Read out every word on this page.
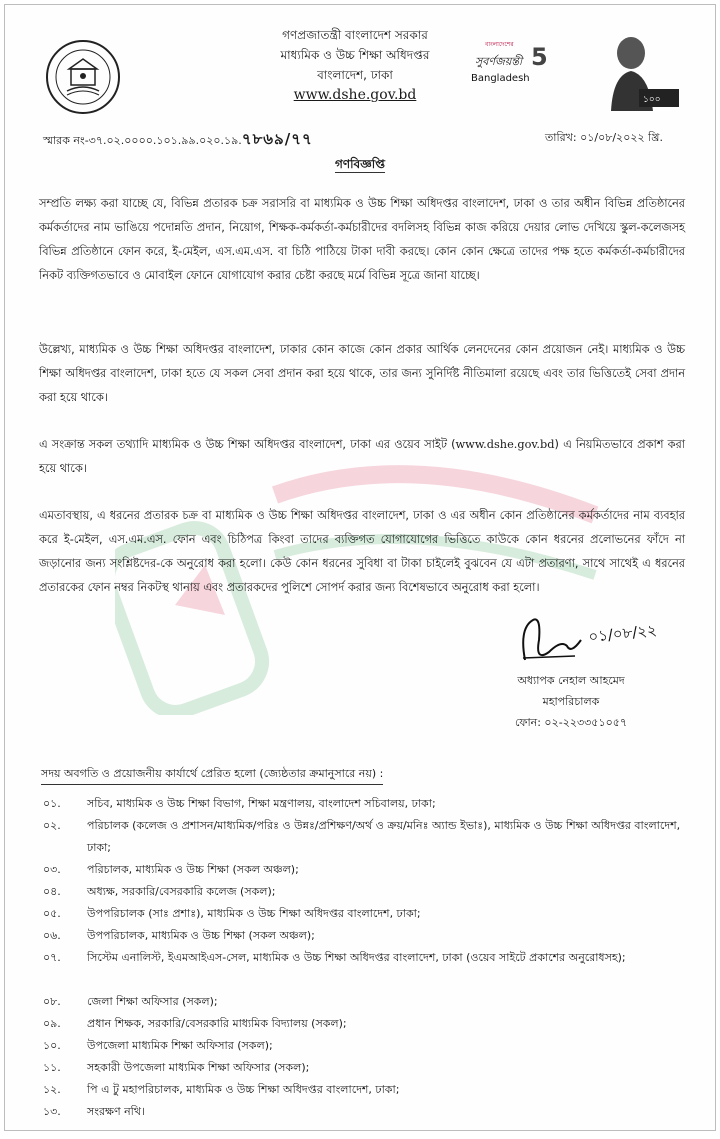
গণপ্রজাতন্ত্রী বাংলাদেশ সরকার
মাধ্যমিক ও উচ্চ শিক্ষা অধিদপ্তর
বাংলাদেশ, ঢাকা
www.dshe.gov.bd
বাংলাদেশের
সুবর্ণজয়ন্তী
Bangladesh
5
১০০
স্মারক নং-৩৭.০২.০০০০.১০১.৯৯.০২০.১৯.৭৮৬৯/৭৭	তারিখ: ০১/০৮/২০২২ খ্রি.
গণবিজ্ঞপ্তি
সম্প্রতি লক্ষ্য করা যাচ্ছে যে, বিভিন্ন প্রতারক চক্র সরাসরি বা মাধ্যমিক ও উচ্চ শিক্ষা অধিদপ্তর বাংলাদেশ, ঢাকা ও তার অধীন বিভিন্ন প্রতিষ্ঠানের কর্মকর্তাদের নাম ভাঙিয়ে পদোন্নতি প্রদান, নিয়োগ, শিক্ষক-কর্মকর্তা-কর্মচারীদের বদলিসহ বিভিন্ন কাজ করিয়ে দেয়ার লোভ দেখিয়ে স্কুল-কলেজসহ বিভিন্ন প্রতিষ্ঠানে ফোন করে, ই-মেইল, এস.এম.এস. বা চিঠি পাঠিয়ে টাকা দাবী করছে। কোন কোন ক্ষেত্রে তাদের পক্ষ হতে কর্মকর্তা-কর্মচারীদের নিকট ব্যক্তিগতভাবে ও মোবাইল ফোনে যোগাযোগ করার চেষ্টা করছে মর্মে বিভিন্ন সূত্রে জানা যাচ্ছে।
উল্লেখ্য, মাধ্যমিক ও উচ্চ শিক্ষা অধিদপ্তর বাংলাদেশ, ঢাকার কোন কাজে কোন প্রকার আর্থিক লেনদেনের কোন প্রয়োজন নেই। মাধ্যমিক ও উচ্চ শিক্ষা অধিদপ্তর বাংলাদেশ, ঢাকা হতে যে সকল সেবা প্রদান করা হয়ে থাকে, তার জন্য সুনির্দিষ্ট নীতিমালা রয়েছে এবং তার ভিত্তিতেই সেবা প্রদান করা হয়ে থাকে।
এ সংক্রান্ত সকল তথ্যাদি মাধ্যমিক ও উচ্চ শিক্ষা অধিদপ্তর বাংলাদেশ, ঢাকা এর ওয়েব সাইট (www.dshe.gov.bd) এ নিয়মিতভাবে প্রকাশ করা হয়ে থাকে।
এমতাবস্থায়, এ ধরনের প্রতারক চক্র বা মাধ্যমিক ও উচ্চ শিক্ষা অধিদপ্তর বাংলাদেশ, ঢাকা ও এর অধীন কোন প্রতিষ্ঠানের কর্মকর্তাদের নাম ব্যবহার করে ই-মেইল, এস.এম.এস. ফোন এবং চিঠিপত্র কিংবা তাদের ব্যক্তিগত যোগাযোগের ভিত্তিতে কাউকে কোন ধরনের প্রলোভনের ফাঁদে না জড়ানোর জন্য সংশ্লিষ্টদের-কে অনুরোধ করা হলো। কেউ কোন ধরনের সুবিধা বা টাকা চাইলেই বুঝবেন যে এটা প্রতারণা, সাথে সাথেই এ ধরনের প্রতারকের ফোন নম্বর নিকটস্থ থানায় এবং প্রতারকদের পুলিশে সোপর্দ করার জন্য বিশেষভাবে অনুরোধ করা হলো।
০১/০৮/২২
অধ্যাপক নেহাল আহমেদ
মহাপরিচালক
ফোন: ০২-২২৩৩৫১০৫৭
সদয় অবগতি ও প্রয়োজনীয় কার্যার্থে প্রেরিত হলো (জ্যেষ্ঠতার ক্রমানুসারে নয়) :
০১.	সচিব, মাধ্যমিক ও উচ্চ শিক্ষা বিভাগ, শিক্ষা মন্ত্রণালয়, বাংলাদেশ সচিবালয়, ঢাকা;
০২.	পরিচালক (কলেজ ও প্রশাসন/মাধ্যমিক/পরিঃ ও উন্নঃ/প্রশিক্ষণ/অর্থ ও ক্রয়/মনিঃ অ্যান্ড ইভাঃ), মাধ্যমিক ও উচ্চ শিক্ষা অধিদপ্তর বাংলাদেশ, ঢাকা;
০৩.	পরিচালক, মাধ্যমিক ও উচ্চ শিক্ষা (সকল অঞ্চল);
০৪.	অধ্যক্ষ, সরকারি/বেসরকারি কলেজ (সকল);
০৫.	উপপরিচালক (সাঃ প্রশাঃ), মাধ্যমিক ও উচ্চ শিক্ষা অধিদপ্তর বাংলাদেশ, ঢাকা;
০৬.	উপপরিচালক, মাধ্যমিক ও উচ্চ শিক্ষা (সকল অঞ্চল);
০৭.	সিস্টেম এনালিস্ট, ইএমআইএস-সেল, মাধ্যমিক ও উচ্চ শিক্ষা অধিদপ্তর বাংলাদেশ, ঢাকা (ওয়েব সাইটে প্রকাশের অনুরোধসহ);
০৮.	জেলা শিক্ষা অফিসার (সকল);
০৯.	প্রধান শিক্ষক, সরকারি/বেসরকারি মাধ্যমিক বিদ্যালয় (সকল);
১০.	উপজেলা মাধ্যমিক শিক্ষা অফিসার (সকল);
১১.	সহকারী উপজেলা মাধ্যমিক শিক্ষা অফিসার (সকল);
১২.	পি এ টু মহাপরিচালক, মাধ্যমিক ও উচ্চ শিক্ষা অধিদপ্তর বাংলাদেশ, ঢাকা;
১৩.	সংরক্ষণ নথি।
